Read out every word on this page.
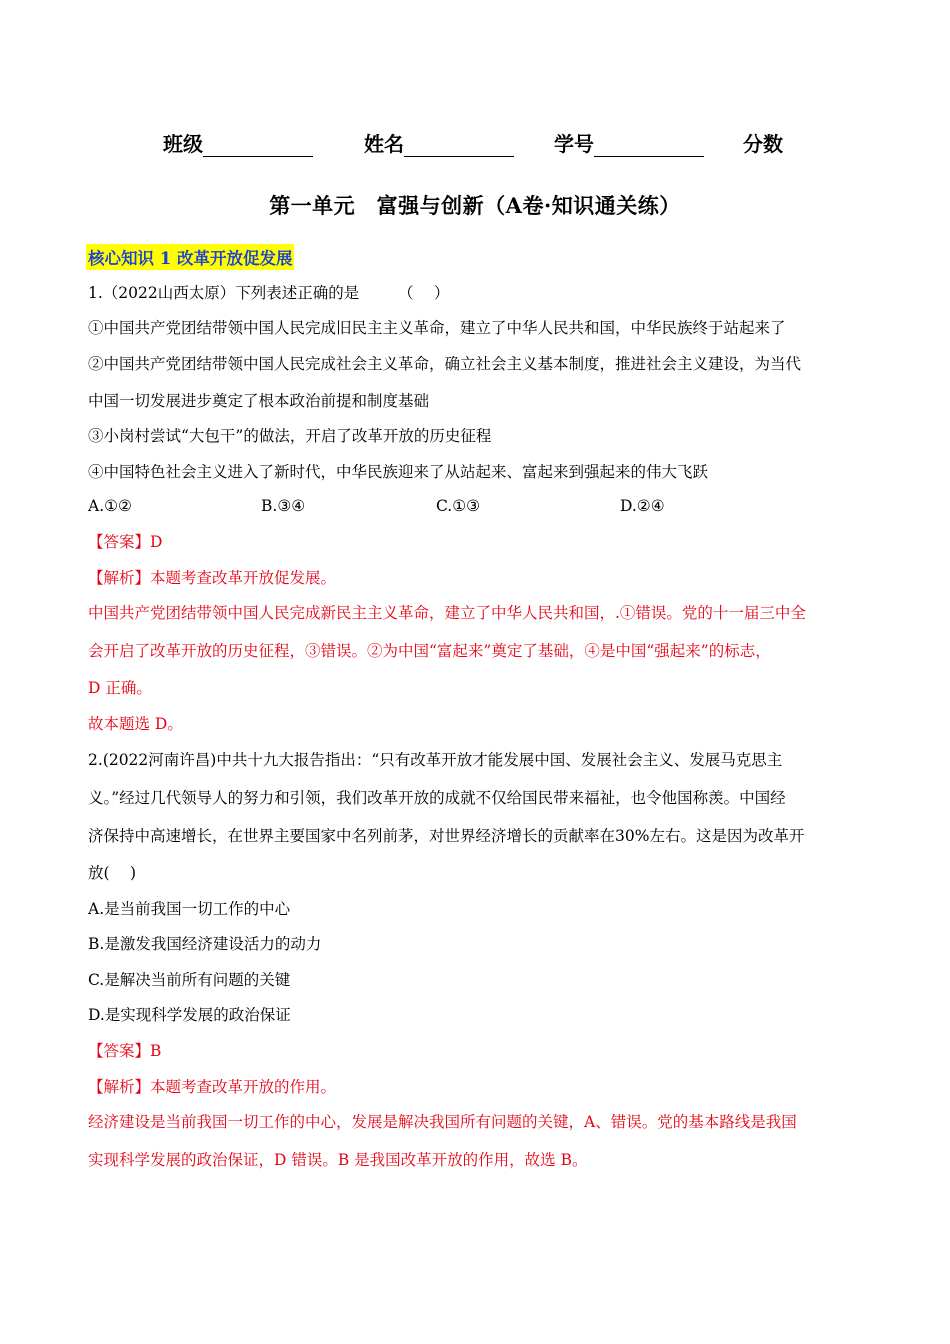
班级	姓名	学号	分数
第一单元　富强与创新（A卷·知识通关练）
核心知识 1 改革开放促发展
1.（2022山西太原）下列表述正确的是　　　（　 ）
①中国共产党团结带领中国人民完成旧民主主义革命，建立了中华人民共和国，中华民族终于站起来了
②中国共产党团结带领中国人民完成社会主义革命，确立社会主义基本制度，推进社会主义建设，为当代
中国一切发展进步奠定了根本政治前提和制度基础
③小岗村尝试“大包干”的做法，开启了改革开放的历史征程
④中国特色社会主义进入了新时代，中华民族迎来了从站起来、富起来到强起来的伟大飞跃
A.①②	B.③④	C.①③	D.②④
【答案】D
【解析】本题考查改革开放促发展。
中国共产党团结带领中国人民完成新民主主义革命，建立了中华人民共和国，.①错误。党的十一届三中全
会开启了改革开放的历史征程，③错误。②为中国“富起来”奠定了基础，④是中国“强起来”的标志，
D 正确。
故本题选 D。
2.(2022河南许昌)中共十九大报告指出：“只有改革开放才能发展中国、发展社会主义、发展马克思主
义。”经过几代领导人的努力和引领，我们改革开放的成就不仅给国民带来福祉，也令他国称羡。中国经
济保持中高速增长，在世界主要国家中名列前茅，对世界经济增长的贡献率在30%左右。这是因为改革开
放(　 )
A.是当前我国一切工作的中心
B.是激发我国经济建设活力的动力
C.是解决当前所有问题的关键
D.是实现科学发展的政治保证
【答案】B
【解析】本题考查改革开放的作用。
经济建设是当前我国一切工作的中心，发展是解决我国所有问题的关键，A、错误。党的基本路线是我国
实现科学发展的政治保证，D 错误。B 是我国改革开放的作用，故选 B。
